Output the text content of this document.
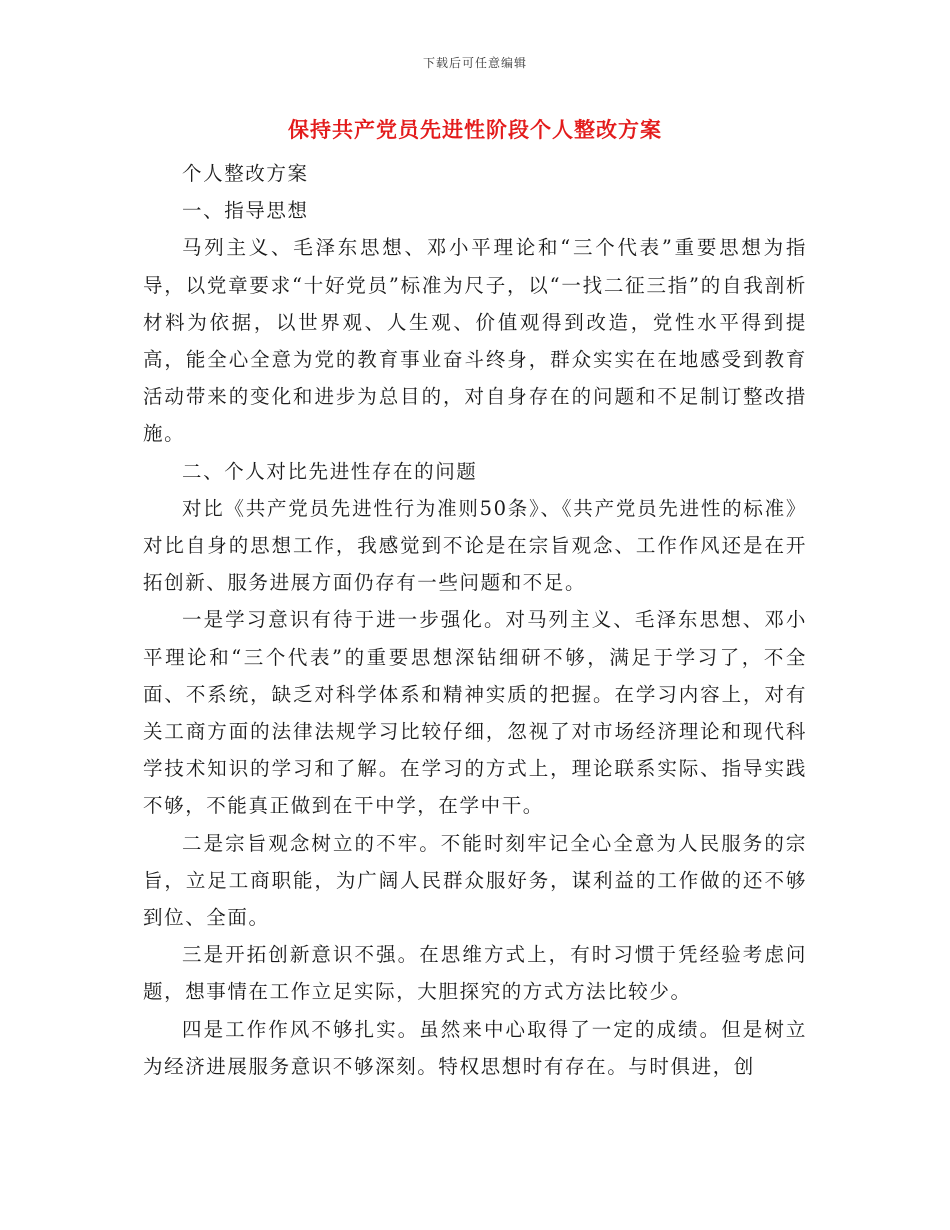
下载后可任意编辑
保持共产党员先进性阶段个人整改方案

个人整改方案

一、指导思想

马列主义、毛泽东思想、邓小平理论和“三个代表”重要思想为指导，以党章要求“十好党员”标准为尺子，以“一找二征三指”的自我剖析材料为依据，以世界观、人生观、价值观得到改造，党性水平得到提高，能全心全意为党的教育事业奋斗终身，群众实实在在地感受到教育活动带来的变化和进步为总目的，对自身存在的问题和不足制订整改措施。

二、个人对比先进性存在的问题

对比《共产党员先进性行为准则50条》、《共产党员先进性的标准》对比自身的思想工作，我感觉到不论是在宗旨观念、工作作风还是在开拓创新、服务进展方面仍存有一些问题和不足。

一是学习意识有待于进一步强化。对马列主义、毛泽东思想、邓小平理论和“三个代表”的重要思想深钻细研不够，满足于学习了，不全面、不系统，缺乏对科学体系和精神实质的把握。在学习内容上，对有关工商方面的法律法规学习比较仔细，忽视了对市场经济理论和现代科学技术知识的学习和了解。在学习的方式上，理论联系实际、指导实践不够，不能真正做到在干中学，在学中干。

二是宗旨观念树立的不牢。不能时刻牢记全心全意为人民服务的宗旨，立足工商职能，为广阔人民群众服好务，谋利益的工作做的还不够到位、全面。

三是开拓创新意识不强。在思维方式上，有时习惯于凭经验考虑问题，想事情在工作立足实际，大胆探究的方式方法比较少。

四是工作作风不够扎实。虽然来中心取得了一定的成绩。但是树立为经济进展服务意识不够深刻。特权思想时有存在。与时俱进，创
